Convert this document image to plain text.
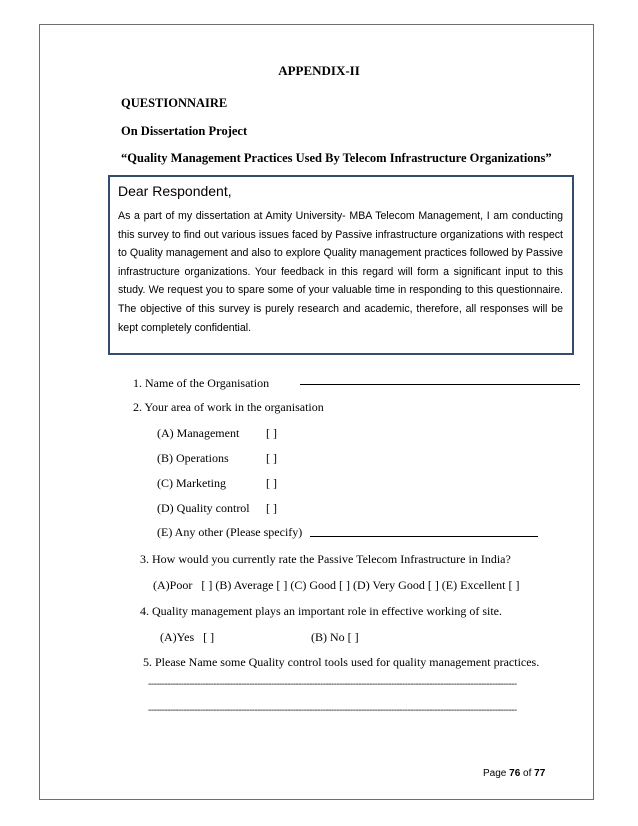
APPENDIX-II
QUESTIONNAIRE
On Dissertation Project
“Quality Management Practices Used By Telecom Infrastructure Organizations”
Dear Respondent,
As a part of my dissertation at Amity University- MBA Telecom Management, I am conducting this survey to find out various issues faced by Passive infrastructure organizations with respect to Quality management and also to explore Quality management practices followed by Passive infrastructure organizations. Your feedback in this regard will form a significant input to this study. We request you to spare some of your valuable time in responding to this questionnaire. The objective of this survey is purely research and academic, therefore, all responses will be kept completely confidential.
1. Name of the Organisation
2. Your area of work in the organisation
(A) Management [ ]
(B) Operations	[ ]
(C) Marketing	[ ]
(D) Quality control [ ]
(E) Any other (Please specify)
3. How would you currently rate the Passive Telecom Infrastructure in India?
(A)Poor   [ ] (B) Average [ ] (C) Good [ ] (D) Very Good [ ] (E) Excellent [ ]
4. Quality management plays an important role in effective working of site.
(A)Yes   [ ]	(B) No [ ]
5. Please Name some Quality control tools used for quality management practices.
---------------------------------------------------------------------------------------------------------------------------------------
---------------------------------------------------------------------------------------------------------------------------------------
Page 76 of 77
